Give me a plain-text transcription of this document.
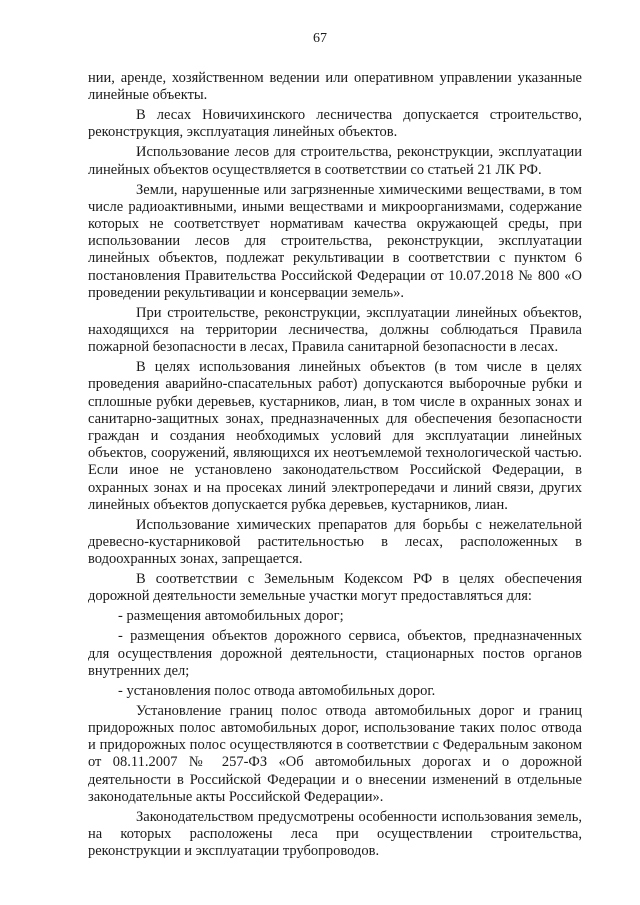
67

нии, аренде, хозяйственном ведении или оперативном управлении указанные линейные объекты.

В лесах Новичихинского лесничества допускается строительство, реконструкция, эксплуатация линейных объектов.

Использование лесов для строительства, реконструкции, эксплуатации линейных объектов осуществляется в соответствии со статьей 21 ЛК РФ.

Земли, нарушенные или загрязненные химическими веществами, в том числе радиоактивными, иными веществами и микроорганизмами, содержание которых не соответствует нормативам качества окружающей среды, при использовании лесов для строительства, реконструкции, эксплуатации линейных объектов, подлежат рекультивации в соответствии с пунктом 6 постановления Правительства Российской Федерации от 10.07.2018 № 800 «О проведении рекультивации и консервации земель».

При строительстве, реконструкции, эксплуатации линейных объектов, находящихся на территории лесничества, должны соблюдаться Правила пожарной безопасности в лесах, Правила санитарной безопасности в лесах.

В целях использования линейных объектов (в том числе в целях проведения аварийно-спасательных работ) допускаются выборочные рубки и сплошные рубки деревьев, кустарников, лиан, в том числе в охранных зонах и санитарно-защитных зонах, предназначенных для обеспечения безопасности граждан и создания необходимых условий для эксплуатации линейных объектов, сооружений, являющихся их неотъемлемой технологической частью. Если иное не установлено законодательством Российской Федерации, в охранных зонах и на просеках линий электропередачи и линий связи, других линейных объектов допускается рубка деревьев, кустарников, лиан.

Использование химических препаратов для борьбы с нежелательной древесно-кустарниковой растительностью в лесах, расположенных в водоохранных зонах, запрещается.

В соответствии с Земельным Кодексом РФ в целях обеспечения дорожной деятельности земельные участки могут предоставляться для:

- размещения автомобильных дорог;

- размещения объектов дорожного сервиса, объектов, предназначенных для осуществления дорожной деятельности, стационарных постов органов внутренних дел;

- установления полос отвода автомобильных дорог.

Установление границ полос отвода автомобильных дорог и границ придорожных полос автомобильных дорог, использование таких полос отвода и придорожных полос осуществляются в соответствии с Федеральным законом от 08.11.2007 № 257-ФЗ «Об автомобильных дорогах и о дорожной деятельности в Российской Федерации и о внесении изменений в отдельные законодательные акты Российской Федерации».

Законодательством предусмотрены особенности использования земель, на которых расположены леса при осуществлении строительства, реконструкции и эксплуатации трубопроводов.
